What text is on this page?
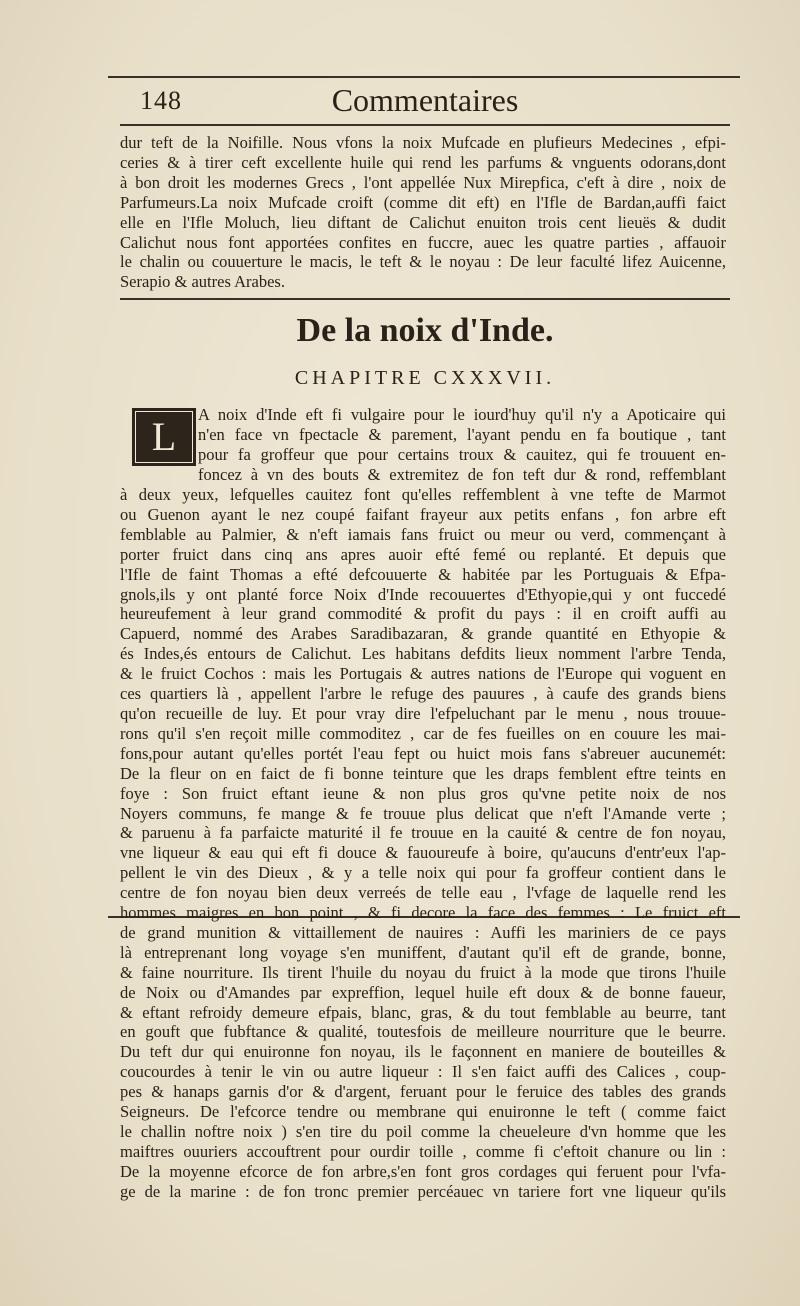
148	Commentaires
dur teft de la Noifille. Nous vfons la noix Mufcade en plufieurs Medecines , efpi-
ceries & à tirer ceft excellente huile qui rend les parfums & vnguents odorans,dont
à bon droit les modernes Grecs , l'ont appellée Nux Mirepfica, c'eft à dire , noix de
Parfumeurs.La noix Mufcade croift (comme dit eft) en l'Ifle de Bardan,auffi faict
elle en l'Ifle Moluch, lieu diftant de Calichut enuiton trois cent lieuës & dudit
Calichut nous font apportées confites en fuccre, auec les quatre parties , affauoir
le chalin ou couuerture le macis, le teft & le noyau : De leur faculté lifez Auicenne,
Serapio & autres Arabes.
De la noix d'Inde.
CHAPITRE CXXXVII.
L	A noix d'Inde eft fi vulgaire pour le iourd'huy qu'il n'y a Apoticaire qui
n'en face vn fpectacle & parement, l'ayant pendu en fa boutique , tant
pour fa groffeur que pour certains troux & cauitez, qui fe trouuent en-
foncez à vn des bouts & extremitez de fon teft dur & rond, reffemblant
à deux yeux, lefquelles cauitez font qu'elles reffemblent à vne tefte de Marmot
ou Guenon ayant le nez coupé faifant frayeur aux petits enfans , fon arbre eft
femblable au Palmier, & n'eft iamais fans fruict ou meur ou verd, commençant à
porter fruict dans cinq ans apres auoir efté femé ou replanté. Et depuis que
l'Ifle de faint Thomas a efté defcouuerte & habitée par les Portuguais & Efpa-
gnols,ils y ont planté force Noix d'Inde recouuertes d'Ethyopie,qui y ont fuccedé
heureufement à leur grand commodité & profit du pays : il en croift auffi au
Capuerd, nommé des Arabes Saradibazaran, & grande quantité en Ethyopie &
és Indes,és entours de Calichut. Les habitans defdits lieux nomment l'arbre Tenda,
& le fruict Cochos : mais les Portugais & autres nations de l'Europe qui voguent en
ces quartiers là , appellent l'arbre le refuge des pauures , à caufe des grands biens
qu'on recueille de luy. Et pour vray dire l'efpeluchant par le menu , nous trouue-
rons qu'il s'en reçoit mille commoditez , car de fes fueilles on en couure les mai-
fons,pour autant qu'elles portét l'eau fept ou huict mois fans s'abreuer aucunemét:
De la fleur on en faict de fi bonne teinture que les draps femblent eftre teints en
foye : Son fruict eftant ieune & non plus gros qu'vne petite noix de nos
Noyers communs, fe mange & fe trouue plus delicat que n'eft l'Amande verte ;
& paruenu à fa parfaicte maturité il fe trouue en la cauité & centre de fon noyau,
vne liqueur & eau qui eft fi douce & fauoureufe à boire, qu'aucuns d'entr'eux l'ap-
pellent le vin des Dieux , & y a telle noix qui pour fa groffeur contient dans le
centre de fon noyau bien deux verreés de telle eau , l'vfage de laquelle rend les
hommes maigres en bon point , & fi decore la face des femmes : Le fruict eft
de grand munition & vittaillement de nauires : Auffi les mariniers de ce pays
là entreprenant long voyage s'en muniffent, d'autant qu'il eft de grande, bonne,
& faine nourriture. Ils tirent l'huile du noyau du fruict à la mode que tirons l'huile
de Noix ou d'Amandes par expreffion, lequel huile eft doux & de bonne faueur,
& eftant refroidy demeure efpais, blanc, gras, & du tout femblable au beurre, tant
en gouft que fubftance & qualité, toutesfois de meilleure nourriture que le beurre.
Du teft dur qui enuironne fon noyau, ils le façonnent en maniere de bouteilles &
coucourdes à tenir le vin ou autre liqueur : Il s'en faict auffi des Calices , coup-
pes & hanaps garnis d'or & d'argent, feruant pour le feruice des tables des grands
Seigneurs. De l'efcorce tendre ou membrane qui enuironne le teft ( comme faict
le challin noftre noix ) s'en tire du poil comme la cheueleure d'vn homme que les
maiftres ouuriers accouftrent pour ourdir toille , comme fi c'eftoit chanure ou lin :
De la moyenne efcorce de fon arbre,s'en font gros cordages qui feruent pour l'vfa-
ge de la marine : de fon tronc premier percéauec vn tariere fort vne liqueur qu'ils
